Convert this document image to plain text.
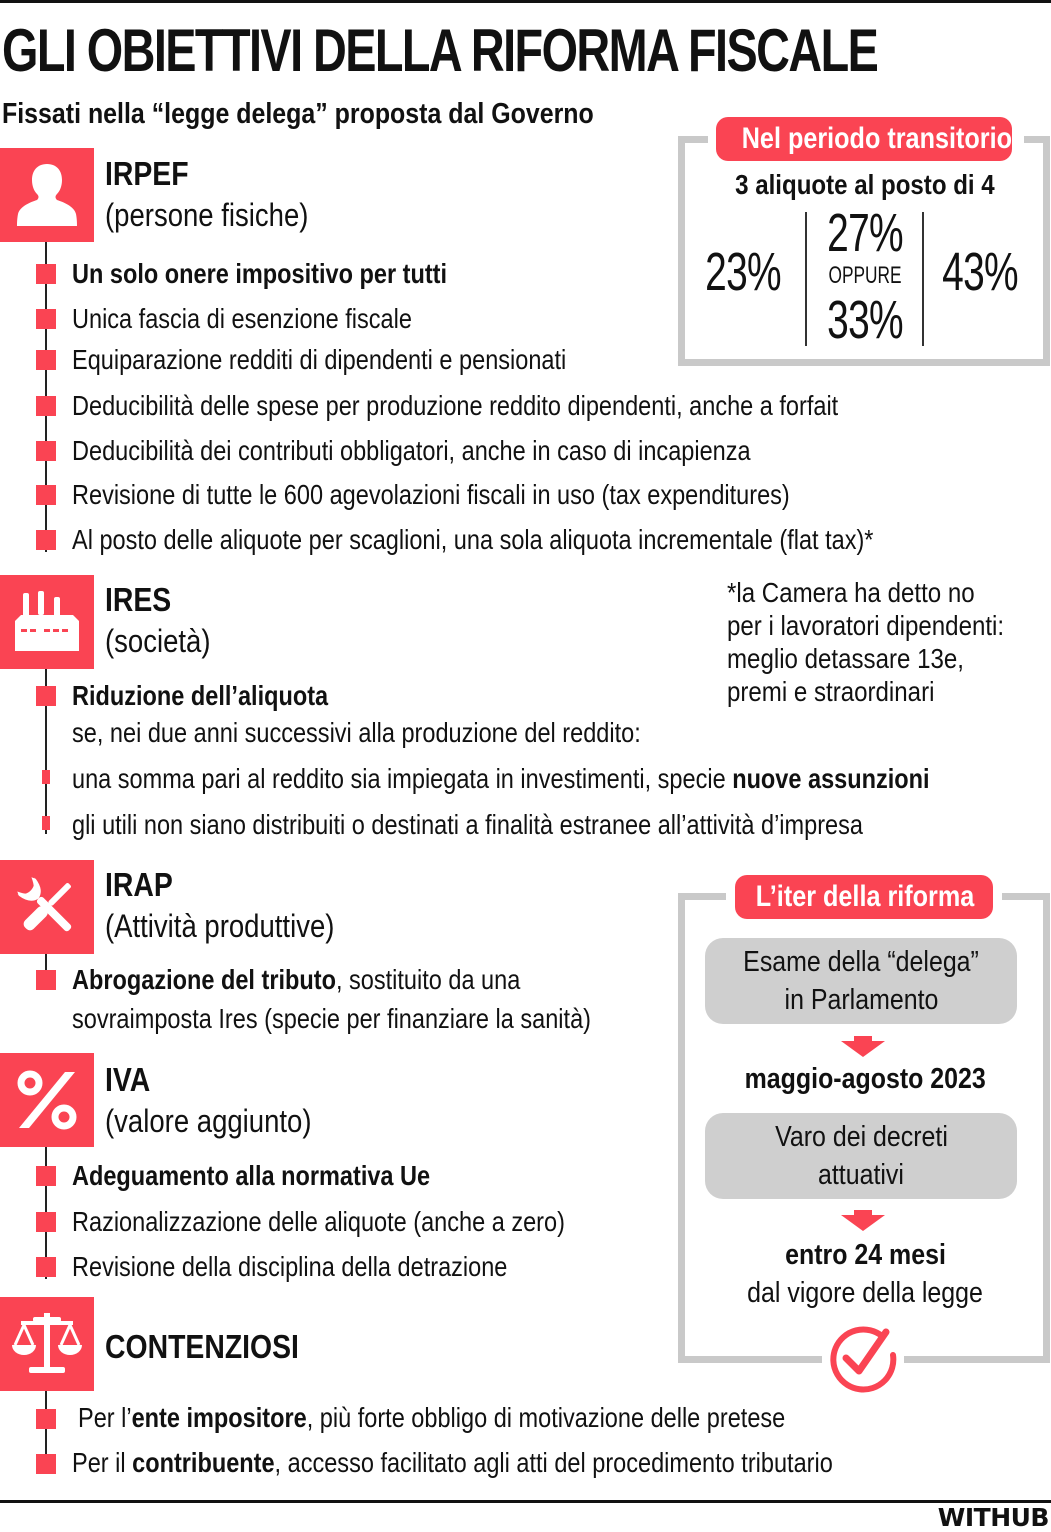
GLI OBIETTIVI DELLA RIFORMA FISCALE
Fissati nella “legge delega” proposta dal Governo
IRPEF
(persone fisiche)
Un solo onere impositivo per tutti
Unica fascia di esenzione fiscale
Equiparazione redditi di dipendenti e pensionati
Deducibilità delle spese per produzione reddito dipendenti, anche a forfait
Deducibilità dei contributi obbligatori, anche in caso di incapienza
Revisione di tutte le 600 agevolazioni fiscali in uso (tax expenditures)
Al posto delle aliquote per scaglioni, una sola aliquota incrementale (flat tax)*
Nel periodo transitorio
3 aliquote al posto di 4
23%
27%
OPPURE
33%
43%
IRES
(società)
Riduzione dell’aliquota
se, nei due anni successivi alla produzione del reddito:
una somma pari al reddito sia impiegata in investimenti, specie nuove assunzioni
gli utili non siano distribuiti o destinati a finalità estranee all’attività d’impresa
*la Camera ha detto no
per i lavoratori dipendenti:
meglio detassare 13e,
premi e straordinari
IRAP
(Attività produttive)
Abrogazione del tributo, sostituito da una
sovraimposta Ires (specie per finanziare la sanità)
IVA
(valore aggiunto)
Adeguamento alla normativa Ue
Razionalizzazione delle aliquote (anche a zero)
Revisione della disciplina della detrazione
CONTENZIOSI
Per l’ente impositore, più forte obbligo di motivazione delle pretese
Per il contribuente, accesso facilitato agli atti del procedimento tributario
L’iter della riforma
Esame della “delega”
in Parlamento
maggio-agosto 2023
Varo dei decreti
attuativi
entro 24 mesi
dal vigore della legge
WITHUB
